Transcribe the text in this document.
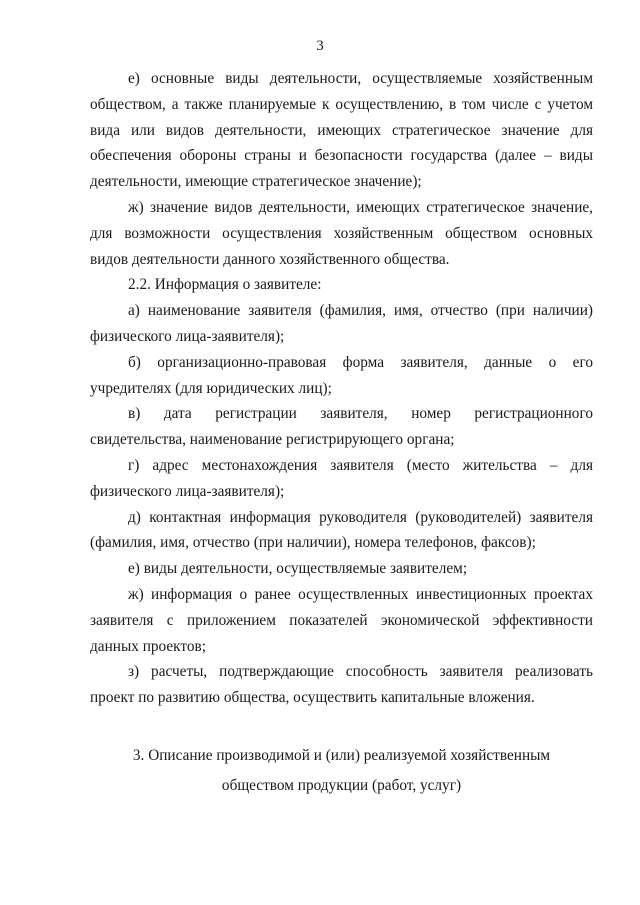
3

е) основные виды деятельности, осуществляемые хозяйственным обществом, а также планируемые к осуществлению, в том числе с учетом вида или видов деятельности, имеющих стратегическое значение для обеспечения обороны страны и безопасности государства (далее – виды деятельности, имеющие стратегическое значение);

ж) значение видов деятельности, имеющих стратегическое значение, для возможности осуществления хозяйственным обществом основных видов деятельности данного хозяйственного общества.

2.2. Информация о заявителе:

а) наименование заявителя (фамилия, имя, отчество (при наличии) физического лица-заявителя);

б) организационно-правовая форма заявителя, данные о его учредителях (для юридических лиц);

в) дата регистрации заявителя, номер регистрационного свидетельства, наименование регистрирующего органа;

г) адрес местонахождения заявителя (место жительства – для физического лица-заявителя);

д) контактная информация руководителя (руководителей) заявителя (фамилия, имя, отчество (при наличии), номера телефонов, факсов);

е) виды деятельности, осуществляемые заявителем;

ж) информация о ранее осуществленных инвестиционных проектах заявителя с приложением показателей экономической эффективности данных проектов;

з) расчеты, подтверждающие способность заявителя реализовать проект по развитию общества, осуществить капитальные вложения.

3. Описание производимой и (или) реализуемой хозяйственным
обществом продукции (работ, услуг)
